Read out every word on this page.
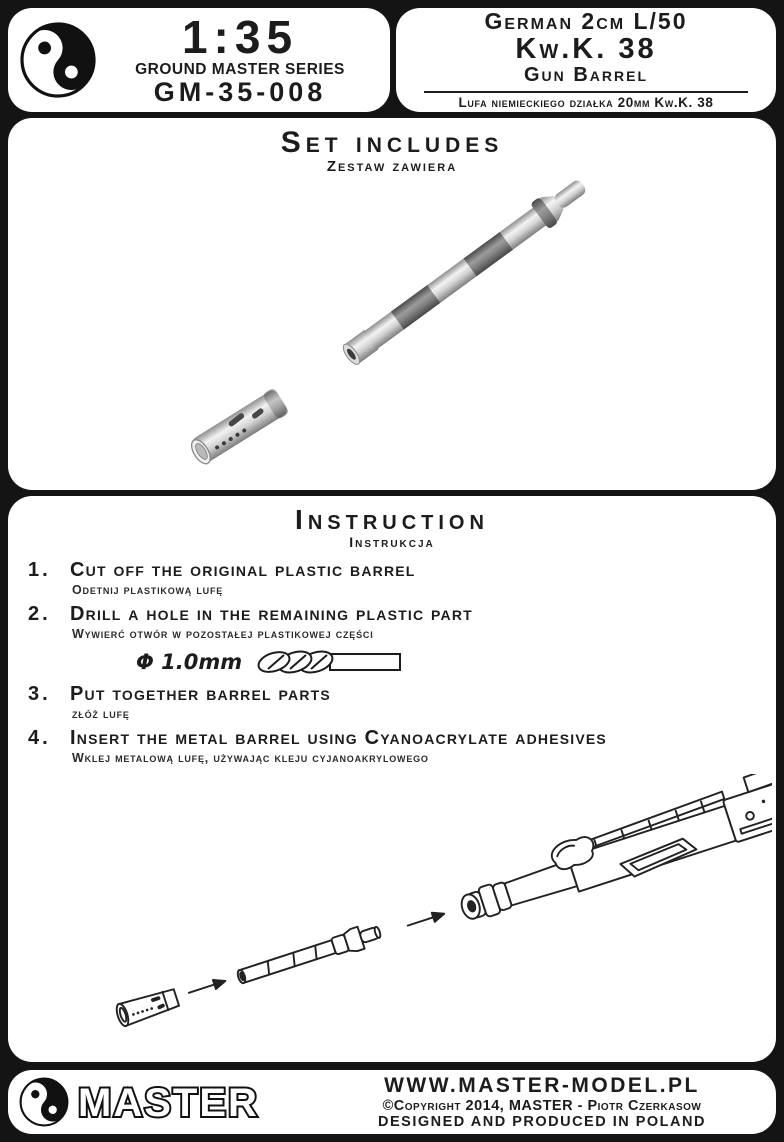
1:35
GROUND MASTER SERIES
GM-35-008
German 2cm L/50
Kw.K. 38
Gun Barrel
Lufa niemieckiego działka 20mm Kw.K. 38
Set includes
Zestaw zawiera
Instruction
Instrukcja
1. Cut off the original plastic barrel
Odetnij plastikową lufę
2. Drill a hole in the remaining plastic part
Wywierć otwór w pozostałej plastikowej części
Φ 1.0mm
3. Put together barrel parts
złóż lufę
4. Insert the metal barrel using Cyanoacrylate adhesives
Wklej metalową lufę, używając kleju cyjanoakrylowego
MASTER	WWW.MASTER-MODEL.PL
©Copyright 2014, MASTER - Piotr Czerkasow
DESIGNED AND PRODUCED IN POLAND
